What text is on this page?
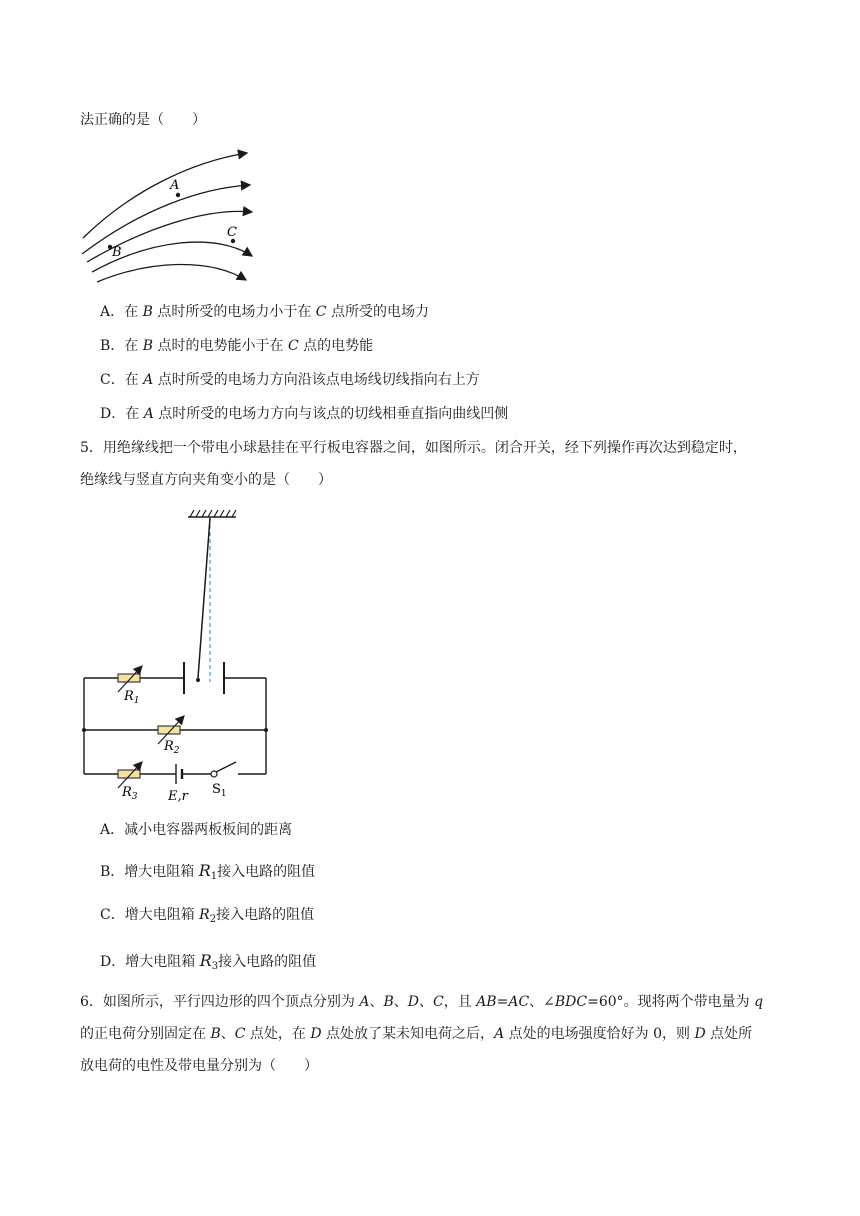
法正确的是（　　）
A
B
C
A．在 B 点时所受的电场力小于在 C 点所受的电场力
B．在 B 点时的电势能小于在 C 点的电势能
C．在 A 点时所受的电场力方向沿该点电场线切线指向右上方
D．在 A 点时所受的电场力方向与该点的切线相垂直指向曲线凹侧
5．用绝缘线把一个带电小球悬挂在平行板电容器之间，如图所示。闭合开关，经下列操作再次达到稳定时，
绝缘线与竖直方向夹角变小的是（　　）
$R_1$
$R_2$
$R_3$ E,r $S_1$
A．减小电容器两板板间的距离
B．增大电阻箱 $R_1$接入电路的阻值
C．增大电阻箱 $R_2$接入电路的阻值
D．增大电阻箱 $R_3$接入电路的阻值
6．如图所示，平行四边形的四个顶点分别为 A、B、D、C，且 AB=AC、∠BDC=60°。现将两个带电量为 q
的正电荷分别固定在 B、C 点处，在 D 点处放了某未知电荷之后，A 点处的电场强度恰好为 0，则 D 点处所
放电荷的电性及带电量分别为（　　）
